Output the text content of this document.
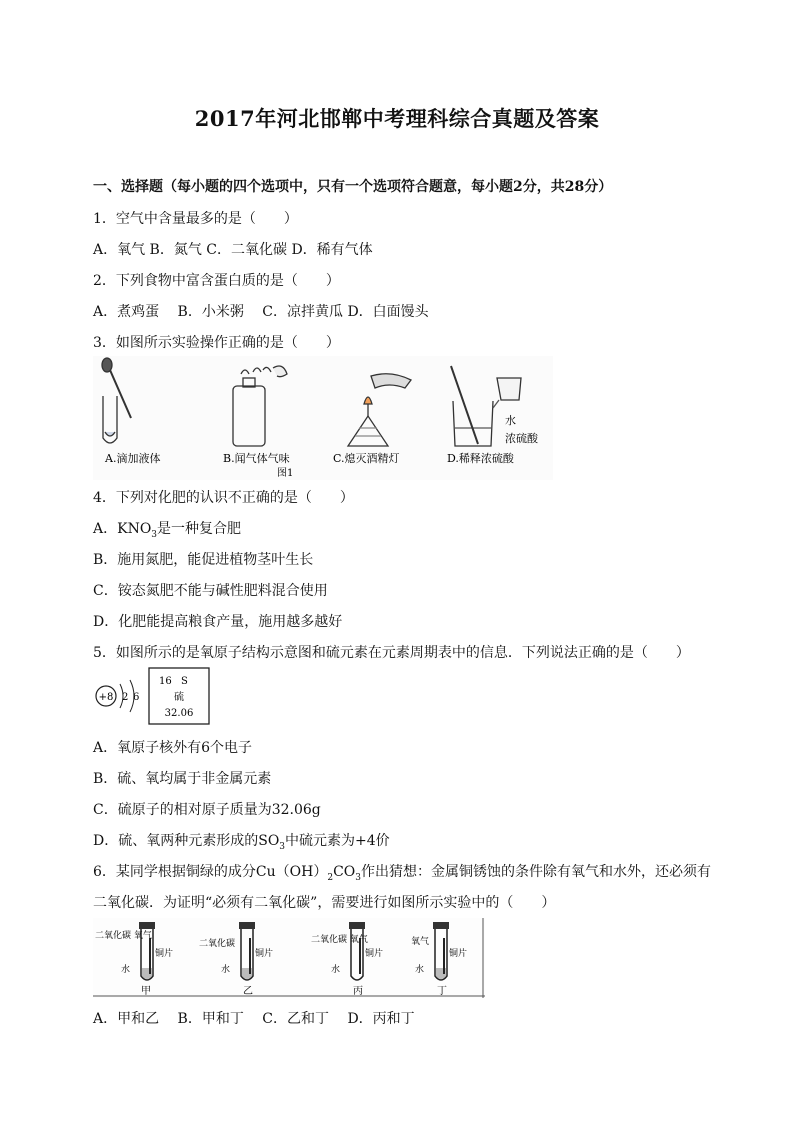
2017年河北邯郸中考理科综合真题及答案
一、选择题（每小题的四个选项中，只有一个选项符合题意，每小题2分，共28分）
1．空气中含量最多的是（　　）
A．氧气 B．氮气 C．二氧化碳 D．稀有气体
2．下列食物中富含蛋白质的是（　　）
A．煮鸡蛋　 B．小米粥　 C．凉拌黄瓜 D．白面馒头
3．如图所示实验操作正确的是（　　）
A.滴加液体	B.闻气体气味
图1
C.熄灭酒精灯
水
浓硫酸
D.稀释浓硫酸
4．下列对化肥的认识不正确的是（　　）
A．$KNO_3$是一种复合肥
B．施用氮肥，能促进植物茎叶生长
C．铵态氮肥不能与碱性肥料混合使用
D．化肥能提高粮食产量，施用越多越好
5．如图所示的是氧原子结构示意图和硫元素在元素周期表中的信息．下列说法正确的是（　　）
+8 2 6
16 S
硫
32.06
A．氧原子核外有6个电子
B．硫、氧均属于非金属元素
C．硫原子的相对原子质量为32.06g
D．硫、氧两种元素形成的$SO_3$中硫元素为+4价
6．某同学根据铜绿的成分$Cu(OH)_2CO_3$作出猜想：金属铜锈蚀的条件除有氧气和水外，还必须有
二氧化碳．为证明“必须有二氧化碳”，需要进行如图所示实验中的（　　）
二氧化碳 氧气
铜片
水
甲
二氧化碳
铜片
水
乙
二氧化碳 氧气
铜片
水
丙
氧气
铜片
水
丁
A．甲和乙　 B．甲和丁　 C．乙和丁　 D．丙和丁
